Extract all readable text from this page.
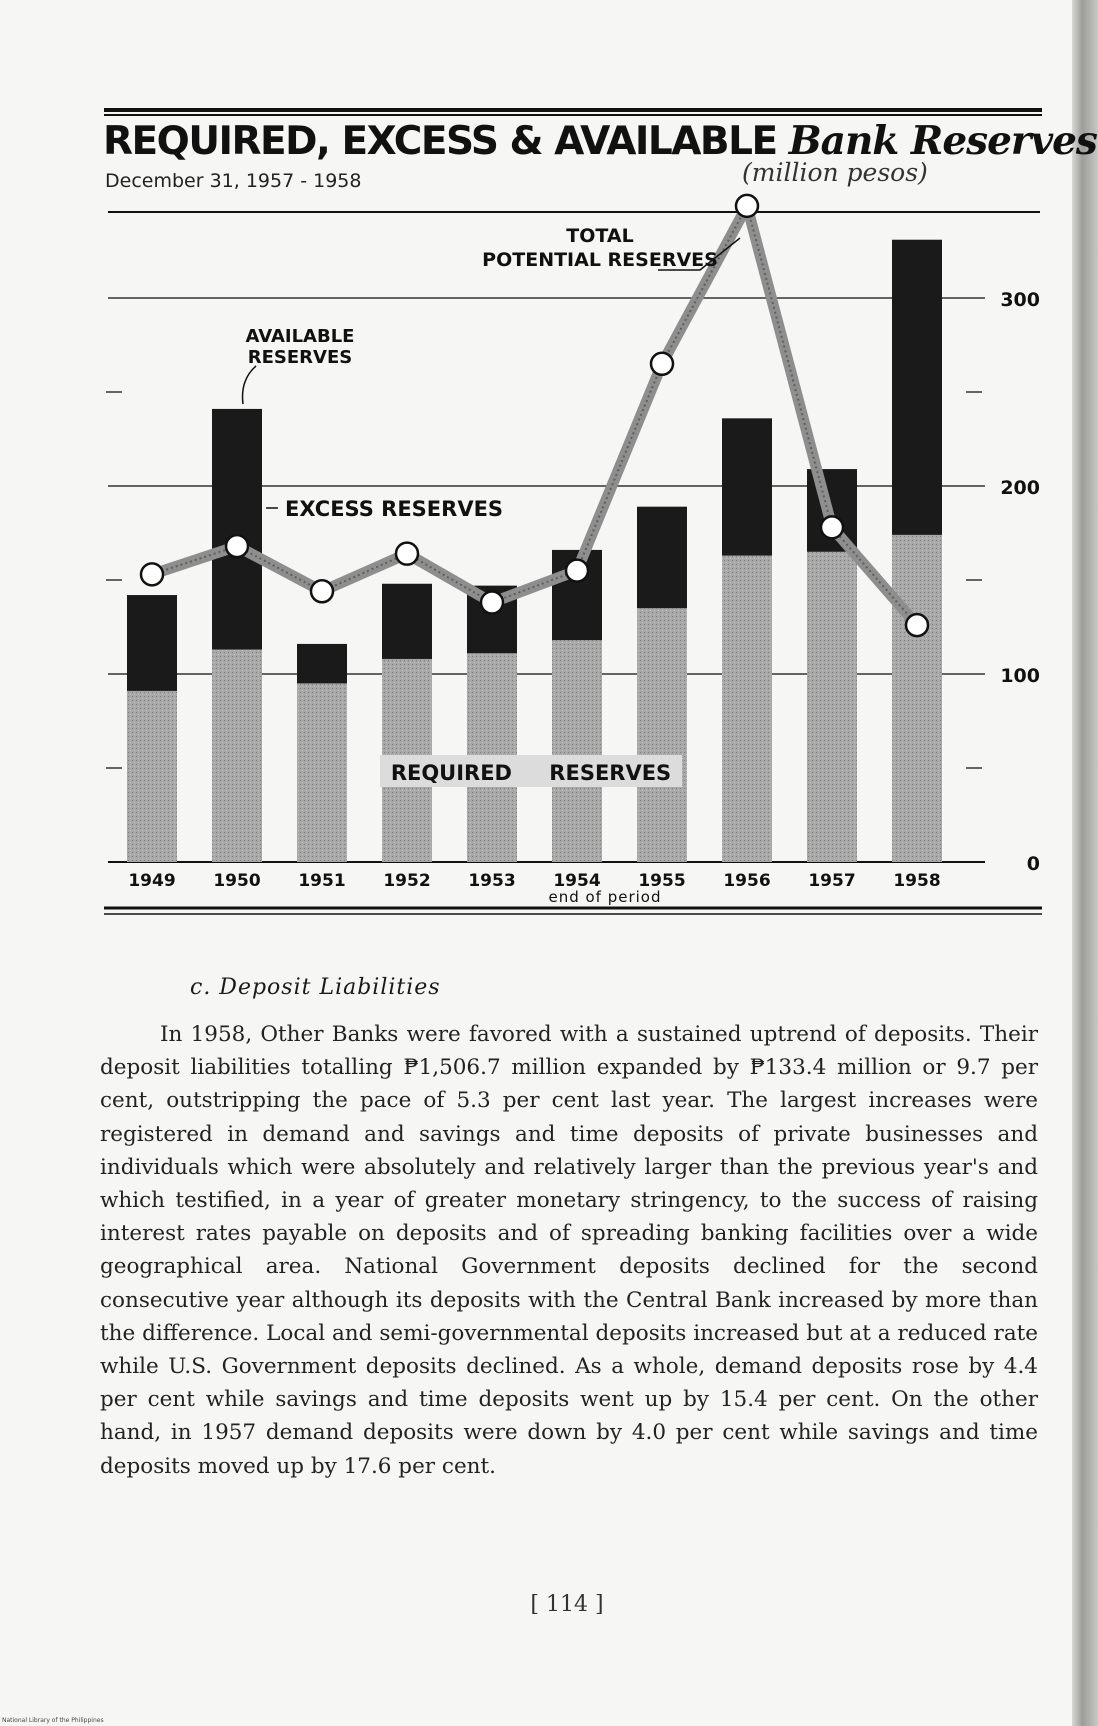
REQUIRED, EXCESS & AVAILABLE Bank Reserves
December 31, 1957 - 1958	(million pesos)
0
100
200
300
1949 1950 1951 1952 1953 1954 1955 1956 1957 1958
AVAILABLE
RESERVES
TOTAL
POTENTIAL RESERVES
EXCESS RESERVES
REQUIRED RESERVES
end of period
c. Deposit Liabilities

In 1958, Other Banks were favored with a sustained uptrend of deposits. Their deposit liabilities totalling ₱1,506.7 million expanded by ₱133.4 million or 9.7 per cent, outstripping the pace of 5.3 per cent last year. The largest increases were registered in demand and savings and time deposits of private businesses and individuals which were absolutely and relatively larger than the previous year's and which testified, in a year of greater monetary stringency, to the success of raising interest rates payable on deposits and of spreading banking facilities over a wide geographical area. National Government deposits declined for the second consecutive year although its deposits with the Central Bank increased by more than the difference. Local and semi-governmental deposits increased but at a reduced rate while U.S. Government deposits declined. As a whole, demand deposits rose by 4.4 per cent while savings and time deposits went up by 15.4 per cent. On the other hand, in 1957 demand deposits were down by 4.0 per cent while savings and time deposits moved up by 17.6 per cent.

[ 114 ]
National Library of the Philippines
